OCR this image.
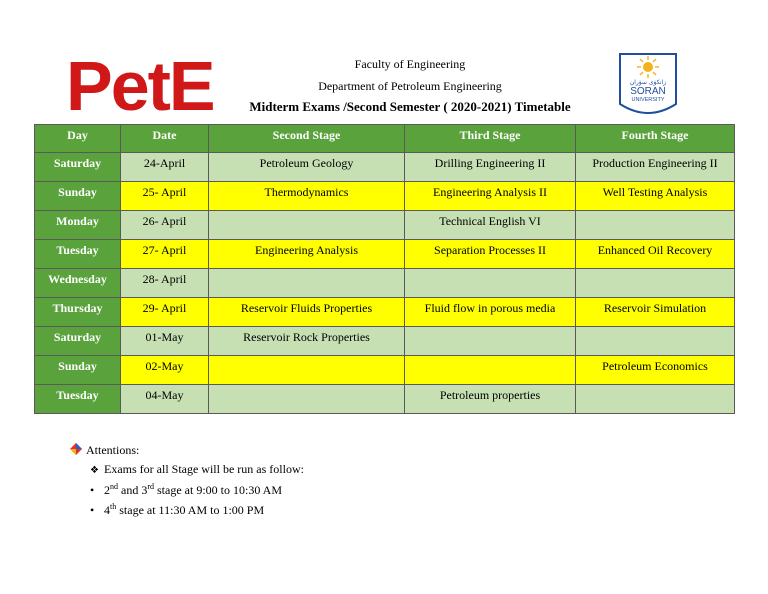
PetE	Faculty of Engineering
Department of Petroleum Engineering
Midterm Exams /Second Semester ( 2020-2021) Timetable
زانكۆی سۆران
SORAN
UNIVERSITY
Day	Date	Second Stage	Third Stage	Fourth Stage
Saturday	24-April	Petroleum Geology	Drilling Engineering II	Production Engineering II
Sunday	25- April	Thermodynamics	Engineering Analysis II	Well Testing Analysis
Monday	26- April		Technical English VI	
Tuesday	27- April	Engineering Analysis	Separation Processes II	Enhanced Oil Recovery
Wednesday	28- April			
Thursday	29- April	Reservoir Fluids Properties	Fluid flow in porous media	Reservoir Simulation
Saturday	01-May	Reservoir Rock Properties		
Sunday	02-May			Petroleum Economics
Tuesday	04-May		Petroleum properties	
Attentions:
❖ Exams for all Stage will be run as follow:
• 2nd and 3rd stage at 9:00 to 10:30 AM
• 4th stage at 11:30 AM to 1:00 PM
